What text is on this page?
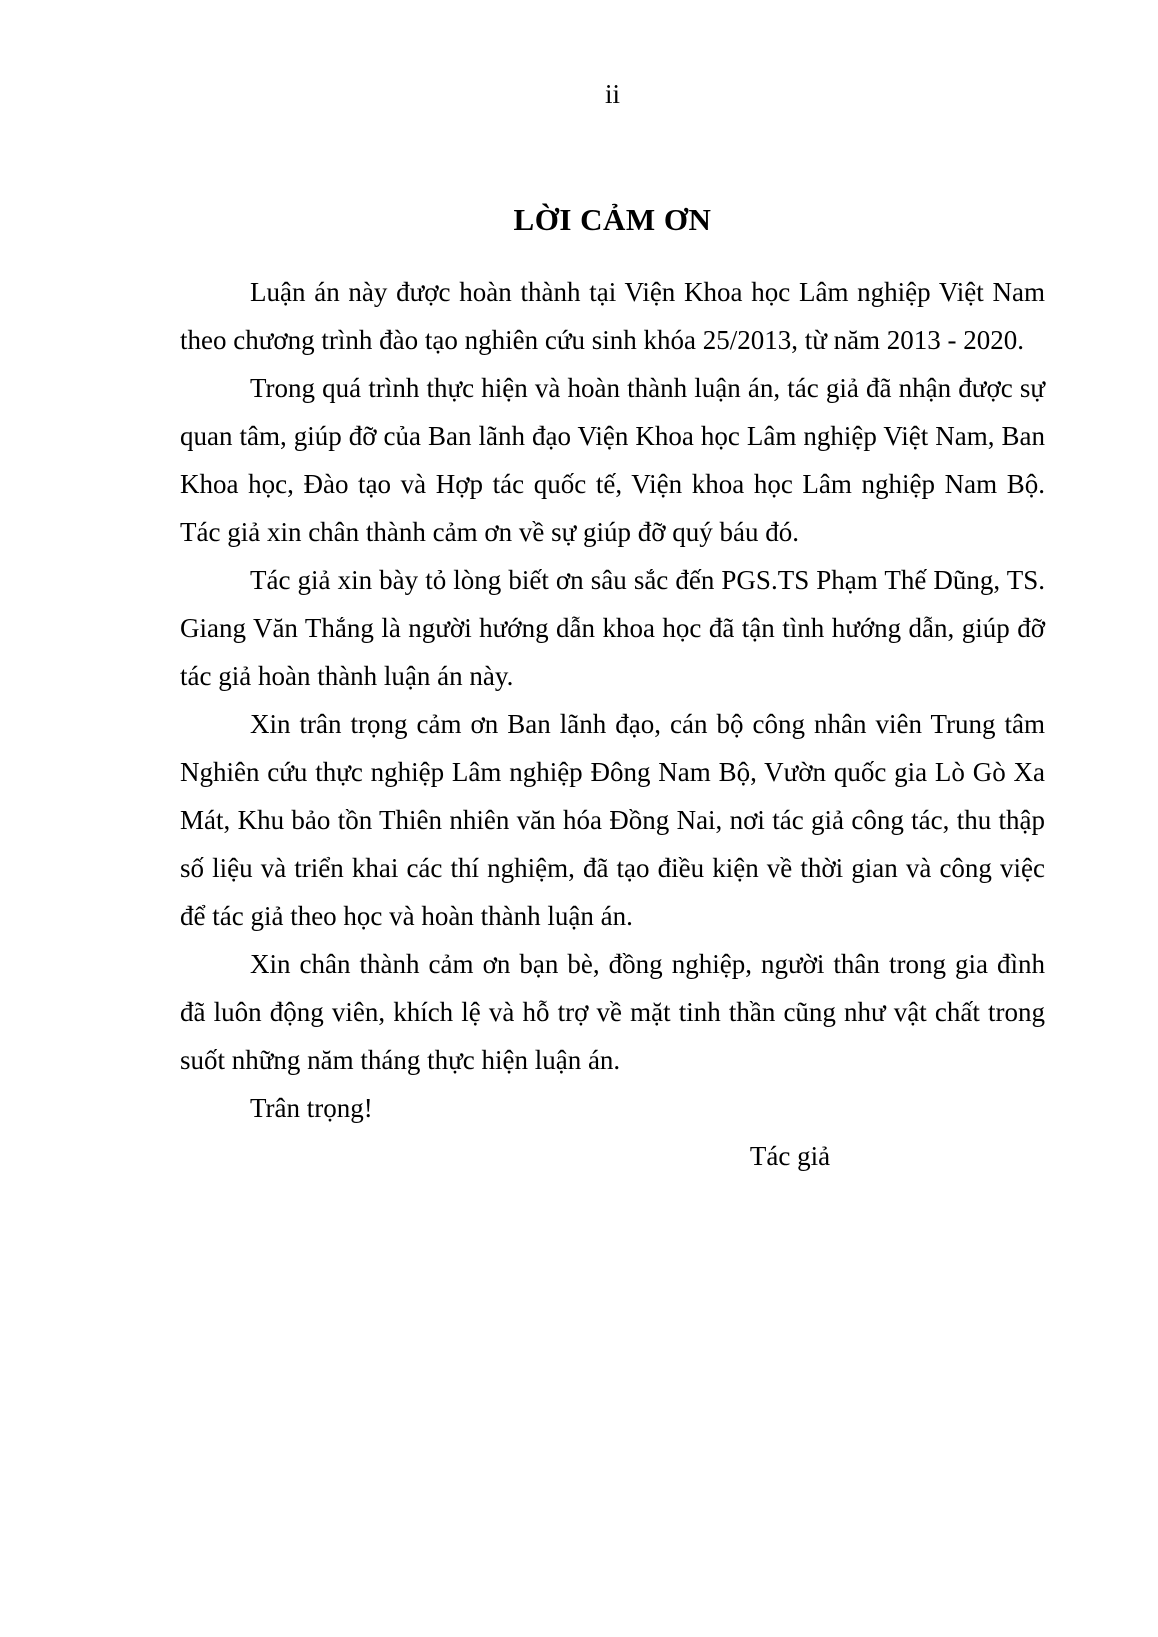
ii
LỜI CẢM ƠN

Luận án này được hoàn thành tại Viện Khoa học Lâm nghiệp Việt Nam theo chương trình đào tạo nghiên cứu sinh khóa 25/2013, từ năm 2013 - 2020.

Trong quá trình thực hiện và hoàn thành luận án, tác giả đã nhận được sự quan tâm, giúp đỡ của Ban lãnh đạo Viện Khoa học Lâm nghiệp Việt Nam, Ban Khoa học, Đào tạo và Hợp tác quốc tế, Viện khoa học Lâm nghiệp Nam Bộ. Tác giả xin chân thành cảm ơn về sự giúp đỡ quý báu đó.

Tác giả xin bày tỏ lòng biết ơn sâu sắc đến PGS.TS Phạm Thế Dũng, TS. Giang Văn Thắng là người hướng dẫn khoa học đã tận tình hướng dẫn, giúp đỡ tác giả hoàn thành luận án này.

Xin trân trọng cảm ơn Ban lãnh đạo, cán bộ công nhân viên Trung tâm Nghiên cứu thực nghiệp Lâm nghiệp Đông Nam Bộ, Vườn quốc gia Lò Gò Xa Mát, Khu bảo tồn Thiên nhiên văn hóa Đồng Nai, nơi tác giả công tác, thu thập số liệu và triển khai các thí nghiệm, đã tạo điều kiện về thời gian và công việc để tác giả theo học và hoàn thành luận án.

Xin chân thành cảm ơn bạn bè, đồng nghiệp, người thân trong gia đình đã luôn động viên, khích lệ và hỗ trợ về mặt tinh thần cũng như vật chất trong suốt những năm tháng thực hiện luận án.

Trân trọng!

Tác giả
